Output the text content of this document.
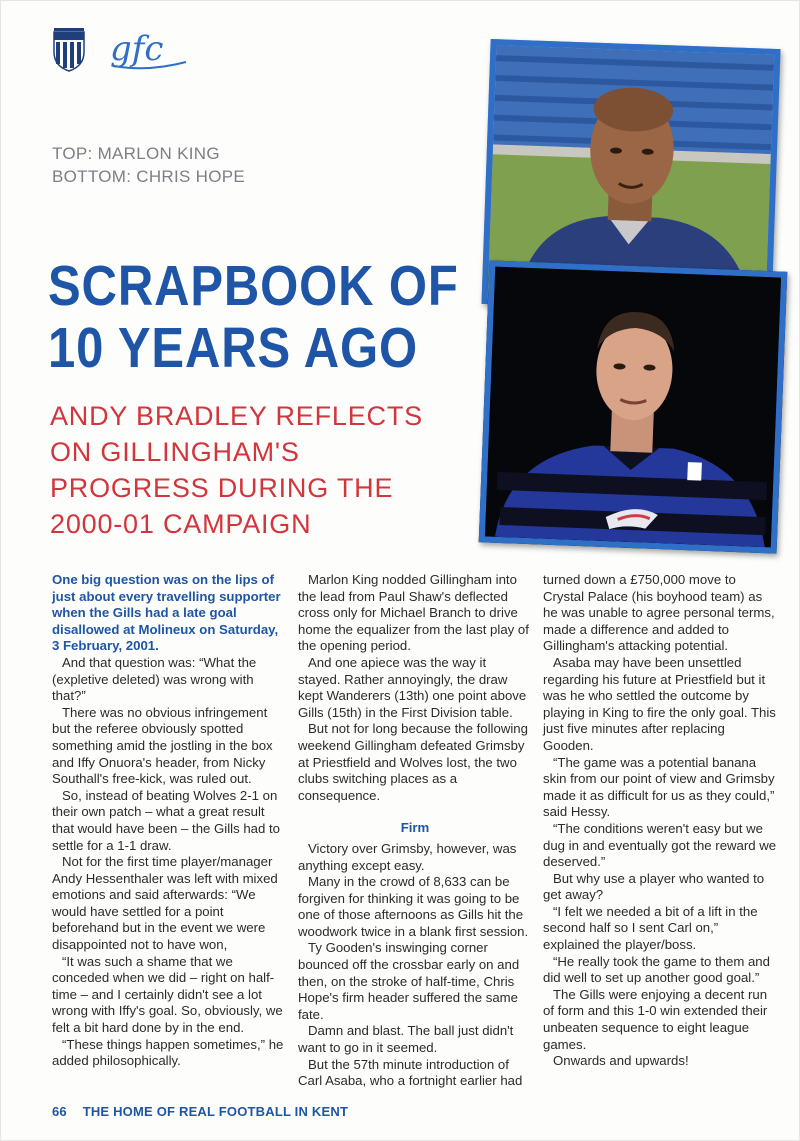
gfc
TOP: MARLON KING
BOTTOM: CHRIS HOPE
SCRAPBOOK OF
10 YEARS AGO
ANDY BRADLEY REFLECTS
ON GILLINGHAM'S
PROGRESS DURING THE
2000-01 CAMPAIGN

One big question was on the lips of just about every travelling supporter when the Gills had a late goal disallowed at Molineux on Saturday, 3 February, 2001.

And that question was: “What the (expletive deleted) was wrong with that?”

There was no obvious infringement but the referee obviously spotted something amid the jostling in the box and Iffy Onuora's header, from Nicky Southall's free-kick, was ruled out.

So, instead of beating Wolves 2-1 on their own patch – what a great result that would have been – the Gills had to settle for a 1-1 draw.

Not for the first time player/manager Andy Hessenthaler was left with mixed emotions and said afterwards: “We would have settled for a point beforehand but in the event we were disappointed not to have won,

“It was such a shame that we conceded when we did – right on half-time – and I certainly didn't see a lot wrong with Iffy's goal. So, obviously, we felt a bit hard done by in the end.

“These things happen sometimes,” he added philosophically.

Marlon King nodded Gillingham into the lead from Paul Shaw's deflected cross only for Michael Branch to drive home the equalizer from the last play of the opening period.

And one apiece was the way it stayed. Rather annoyingly, the draw kept Wanderers (13th) one point above Gills (15th) in the First Division table.

But not for long because the following weekend Gillingham defeated Grimsby at Priestfield and Wolves lost, the two clubs switching places as a consequence.

Firm

Victory over Grimsby, however, was anything except easy.

Many in the crowd of 8,633 can be forgiven for thinking it was going to be one of those afternoons as Gills hit the woodwork twice in a blank first session.

Ty Gooden's inswinging corner bounced off the crossbar early on and then, on the stroke of half-time, Chris Hope's firm header suffered the same fate.

Damn and blast. The ball just didn't want to go in it seemed.

But the 57th minute introduction of Carl Asaba, who a fortnight earlier had

turned down a £750,000 move to Crystal Palace (his boyhood team) as he was unable to agree personal terms, made a difference and added to Gillingham's attacking potential.

Asaba may have been unsettled regarding his future at Priestfield but it was he who settled the outcome by playing in King to fire the only goal. This just five minutes after replacing Gooden.

“The game was a potential banana skin from our point of view and Grimsby made it as difficult for us as they could,” said Hessy.

“The conditions weren't easy but we dug in and eventually got the reward we deserved.”

But why use a player who wanted to get away?

“I felt we needed a bit of a lift in the second half so I sent Carl on,” explained the player/boss.

“He really took the game to them and did well to set up another good goal.”

The Gills were enjoying a decent run of form and this 1-0 win extended their unbeaten sequence to eight league games.

Onwards and upwards!

66 THE HOME OF REAL FOOTBALL IN KENT
